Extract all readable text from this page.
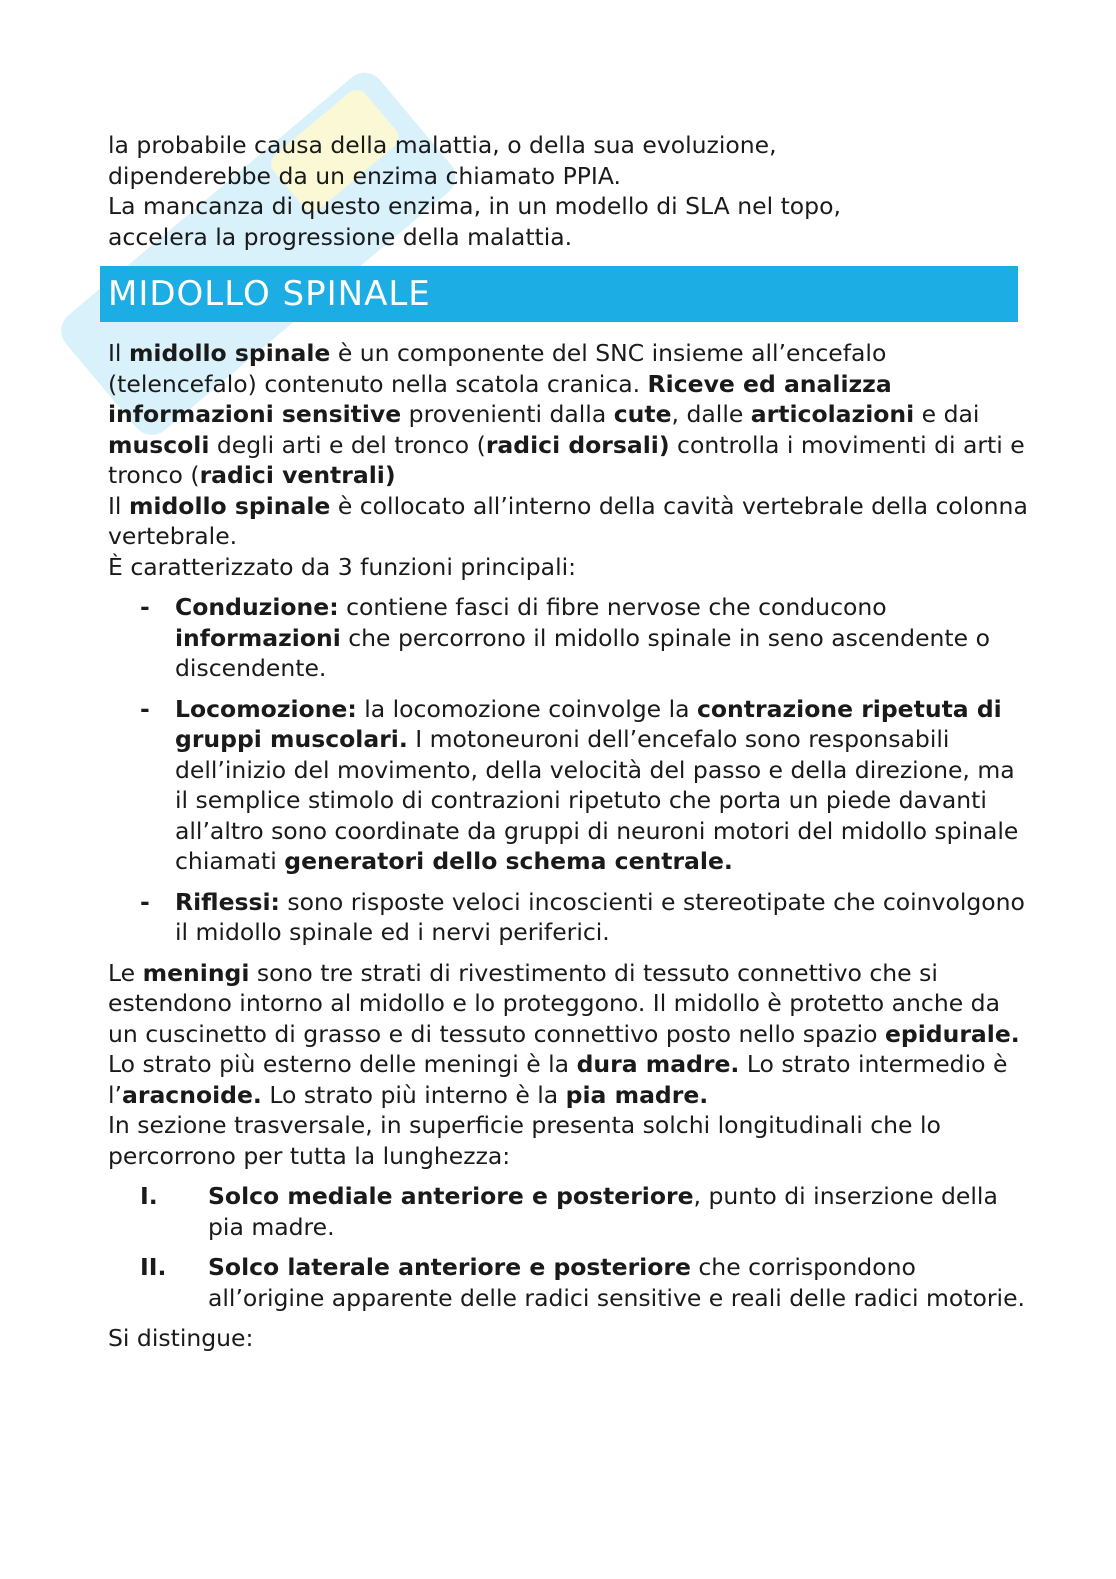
la probabile causa della malattia, o della sua evoluzione,

dipenderebbe da un enzima chiamato PPIA.

La mancanza di questo enzima, in un modello di SLA nel topo,

accelera la progressione della malattia.

MIDOLLO SPINALE

Il midollo spinale è un componente del SNC insieme all’encefalo (telencefalo) contenuto nella scatola cranica. Riceve ed analizza informazioni sensitive provenienti dalla cute, dalle articolazioni e dai muscoli degli arti e del tronco (radici dorsali) controlla i movimenti di arti e tronco (radici ventrali)

Il midollo spinale è collocato all’interno della cavità vertebrale della colonna vertebrale.

È caratterizzato da 3 funzioni principali:

- Conduzione: contiene fasci di fibre nervose che conducono informazioni che percorrono il midollo spinale in seno ascendente o discendente.
- Locomozione: la locomozione coinvolge la contrazione ripetuta di gruppi muscolari. I motoneuroni dell’encefalo sono responsabili dell’inizio del movimento, della velocità del passo e della direzione, ma il semplice stimolo di contrazioni ripetuto che porta un piede davanti all’altro sono coordinate da gruppi di neuroni motori del midollo spinale chiamati generatori dello schema centrale.
- Riflessi: sono risposte veloci incoscienti e stereotipate che coinvolgono il midollo spinale ed i nervi periferici.

Le meningi sono tre strati di rivestimento di tessuto connettivo che si estendono intorno al midollo e lo proteggono. Il midollo è protetto anche da un cuscinetto di grasso e di tessuto connettivo posto nello spazio epidurale. Lo strato più esterno delle meningi è la dura madre. Lo strato intermedio è l’aracnoide. Lo strato più interno è la pia madre.

In sezione trasversale, in superficie presenta solchi longitudinali che lo percorrono per tutta la lunghezza:

I. Solco mediale anteriore e posteriore, punto di inserzione della pia madre.
II. Solco laterale anteriore e posteriore che corrispondono all’origine apparente delle radici sensitive e reali delle radici motorie.

Si distingue:
